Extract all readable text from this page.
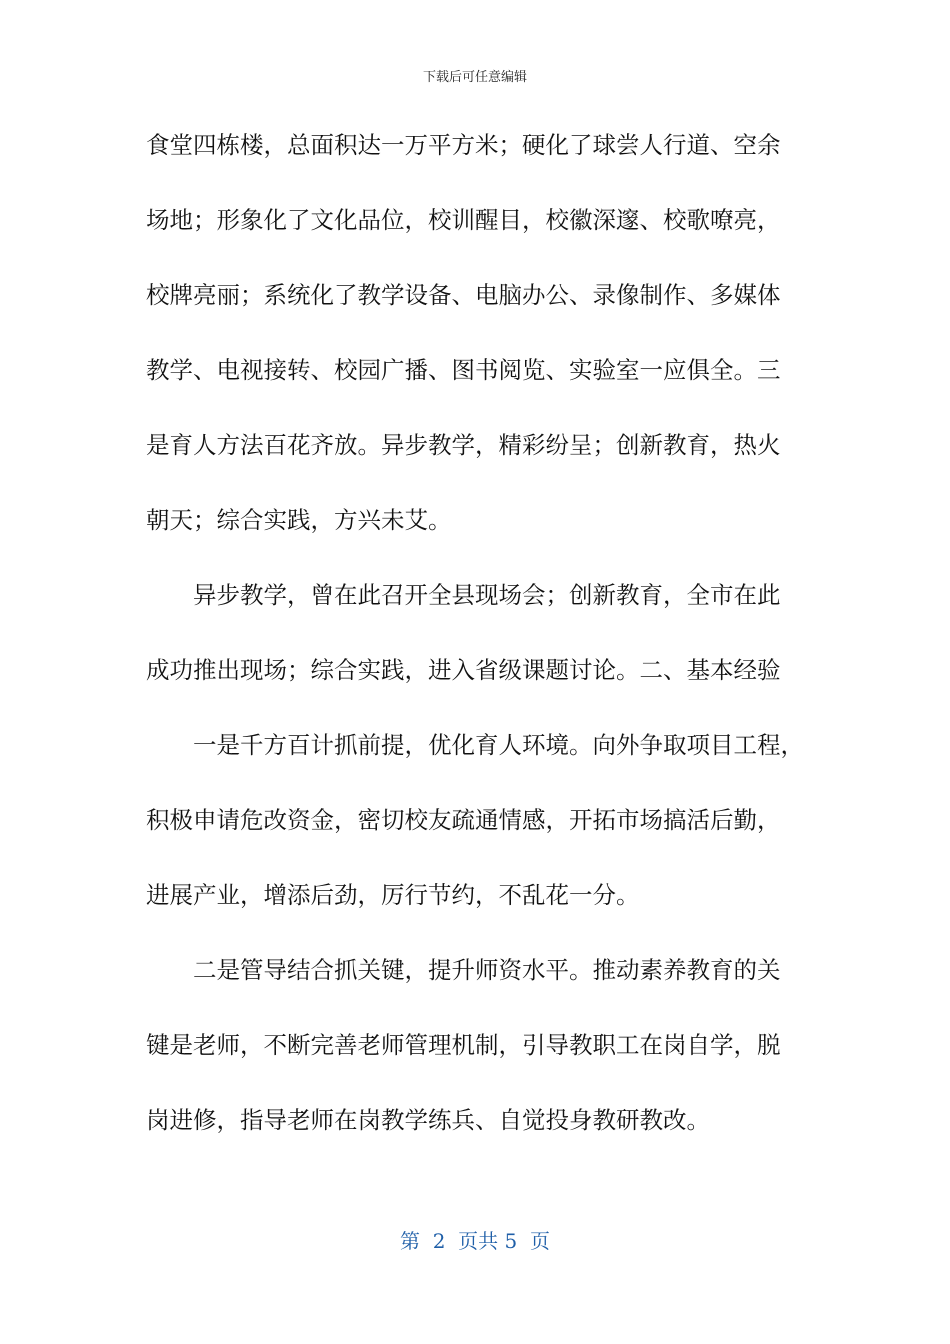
下载后可任意编辑
食堂四栋楼，总面积达一万平方米；硬化了球尝人行道、空余
场地；形象化了文化品位，校训醒目，校徽深邃、校歌嘹亮，
校牌亮丽；系统化了教学设备、电脑办公、录像制作、多媒体
教学、电视接转、校园广播、图书阅览、实验室一应俱全。三
是育人方法百花齐放。异步教学，精彩纷呈；创新教育，热火
朝天；综合实践，方兴未艾。
异步教学，曾在此召开全县现场会；创新教育，全市在此
成功推出现场；综合实践，进入省级课题讨论。二、基本经验
一是千方百计抓前提，优化育人环境。向外争取项目工程，
积极申请危改资金，密切校友疏通情感，开拓市场搞活后勤，
进展产业，增添后劲，厉行节约，不乱花一分。
二是管导结合抓关键，提升师资水平。推动素养教育的关
键是老师，不断完善老师管理机制，引导教职工在岗自学，脱
岗进修，指导老师在岗教学练兵、自觉投身教研教改。
第  2  页共 5  页
